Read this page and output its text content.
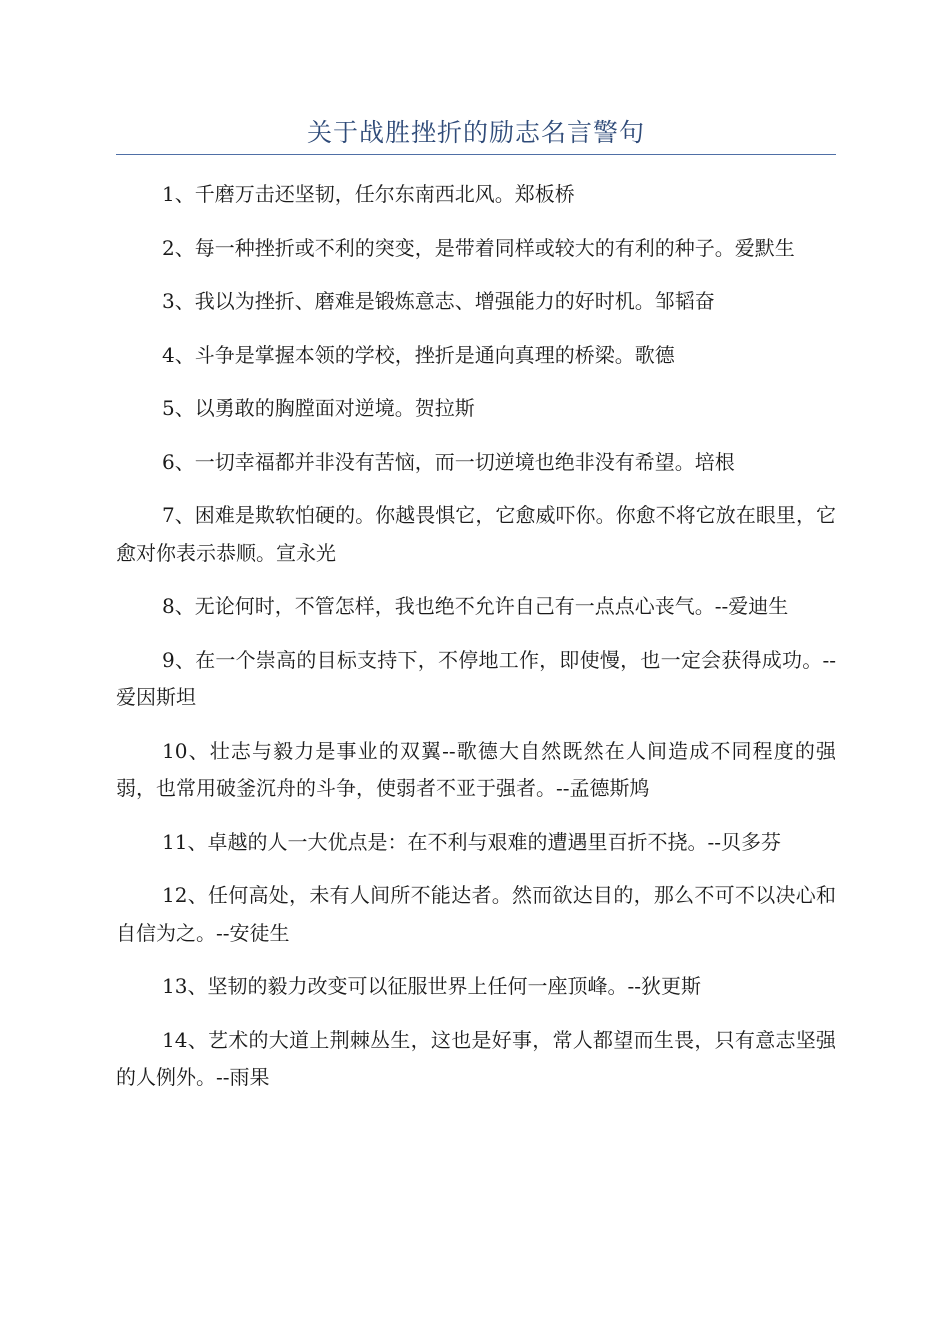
关于战胜挫折的励志名言警句

1、千磨万击还坚韧，任尔东南西北风。郑板桥

2、每一种挫折或不利的突变，是带着同样或较大的有利的种子。爱默生

3、我以为挫折、磨难是锻炼意志、增强能力的好时机。邹韬奋

4、斗争是掌握本领的学校，挫折是通向真理的桥梁。歌德

5、以勇敢的胸膛面对逆境。贺拉斯

6、一切幸福都并非没有苦恼，而一切逆境也绝非没有希望。培根

7、困难是欺软怕硬的。你越畏惧它，它愈威吓你。你愈不将它放在眼里，它愈对你表示恭顺。宣永光

8、无论何时，不管怎样，我也绝不允许自己有一点点心丧气。--爱迪生

9、在一个崇高的目标支持下，不停地工作，即使慢，也一定会获得成功。--爱因斯坦

10、壮志与毅力是事业的双翼--歌德大自然既然在人间造成不同程度的强弱，也常用破釜沉舟的斗争，使弱者不亚于强者。--孟德斯鸠

11、卓越的人一大优点是：在不利与艰难的遭遇里百折不挠。--贝多芬

12、任何高处，未有人间所不能达者。然而欲达目的，那么不可不以决心和自信为之。--安徒生

13、坚韧的毅力改变可以征服世界上任何一座顶峰。--狄更斯

14、艺术的大道上荆棘丛生，这也是好事，常人都望而生畏，只有意志坚强的人例外。--雨果
